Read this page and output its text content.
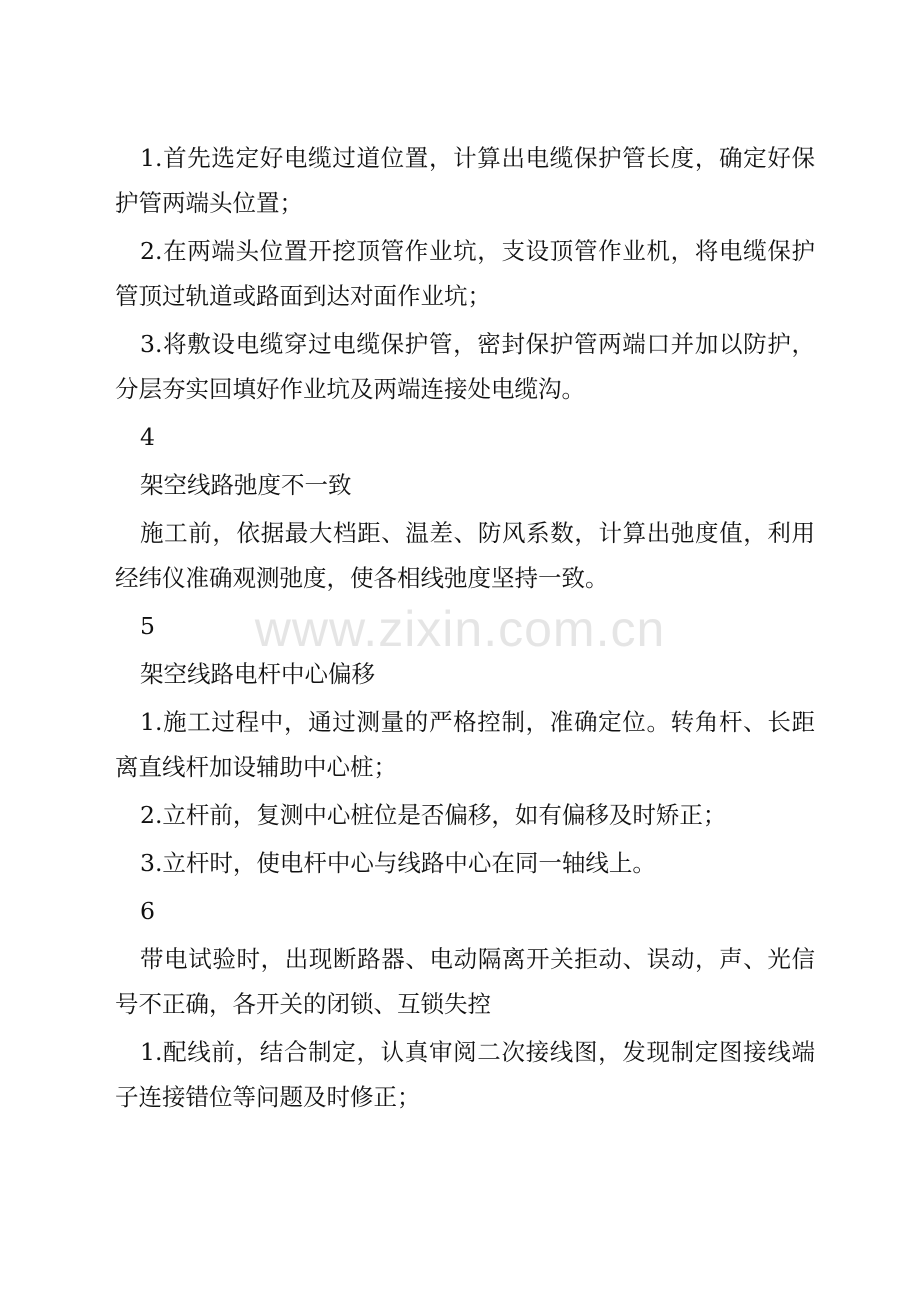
1.首先选定好电缆过道位置，计算出电缆保护管长度，确定好保护管两端头位置；

2.在两端头位置开挖顶管作业坑，支设顶管作业机，将电缆保护管顶过轨道或路面到达对面作业坑；

3.将敷设电缆穿过电缆保护管，密封保护管两端口并加以防护，分层夯实回填好作业坑及两端连接处电缆沟。

4

架空线路弛度不一致

施工前，依据最大档距、温差、防风系数，计算出弛度值，利用经纬仪准确观测弛度，使各相线弛度坚持一致。

5

架空线路电杆中心偏移

1.施工过程中，通过测量的严格控制，准确定位。转角杆、长距离直线杆加设辅助中心桩；

2.立杆前，复测中心桩位是否偏移，如有偏移及时矫正；

3.立杆时，使电杆中心与线路中心在同一轴线上。

6

带电试验时，出现断路器、电动隔离开关拒动、误动，声、光信号不正确，各开关的闭锁、互锁失控

1.配线前，结合制定，认真审阅二次接线图，发现制定图接线端子连接错位等问题及时修正；

www.zixin.com.cn
